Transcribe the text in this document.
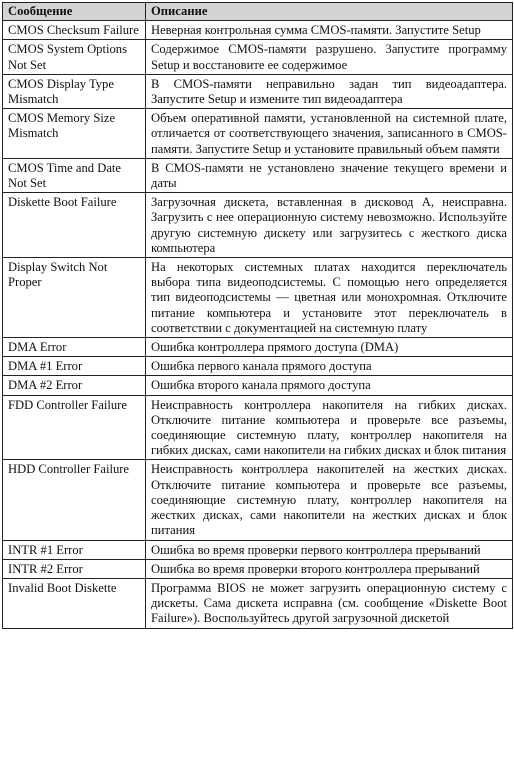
Сообщение	Описание
CMOS Checksum Failure	Неверная контрольная сумма CMOS-памяти. Запустите Setup
CMOS System Options Not Set	Содержимое CMOS-памяти разрушено. Запустите программу Setup и восстановите ее содержимое
CMOS Display Type Mismatch	В CMOS-памяти неправильно задан тип видеоадаптера. Запустите Setup и измените тип видеоадаптера
CMOS Memory Size Mismatch	Объем оперативной памяти, установленной на системной плате, отличается от соответствующего значения, записанного в CMOS-памяти. Запустите Setup и установите правильный объем памяти
CMOS Time and Date Not Set	В CMOS-памяти не установлено значение текущего времени и даты
Diskette Boot Failure	Загрузочная дискета, вставленная в дисковод A, неисправна. Загрузить с нее операционную систему невозможно. Используйте другую системную дискету или загрузитесь с жесткого диска компьютера
Display Switch Not Proper	На некоторых системных платах находится переключатель выбора типа видеоподсистемы. С помощью него определяется тип видеоподсистемы — цветная или монохромная. Отключите питание компьютера и установите этот переключатель в соответствии с документацией на системную плату
DMA Error	Ошибка контроллера прямого доступа (DMA)
DMA #1 Error	Ошибка первого канала прямого доступа
DMA #2 Error	Ошибка второго канала прямого доступа
FDD Controller Failure	Неисправность контроллера накопителя на гибких дисках. Отключите питание компьютера и проверьте все разъемы, соединяющие системную плату, контроллер накопителя на гибких дисках, сами накопители на гибких дисках и блок питания
HDD Controller Failure	Неисправность контроллера накопителей на жестких дисках. Отключите питание компьютера и проверьте все разъемы, соединяющие системную плату, контроллер накопителя на жестких дисках, сами накопители на жестких дисках и блок питания
INTR #1 Error	Ошибка во время проверки первого контроллера прерываний
INTR #2 Error	Ошибка во время проверки второго контроллера прерываний
Invalid Boot Diskette	Программа BIOS не может загрузить операционную систему с дискеты. Сама дискета исправна (см. сообщение «Diskette Boot Failure»). Воспользуйтесь другой загрузочной дискетой
